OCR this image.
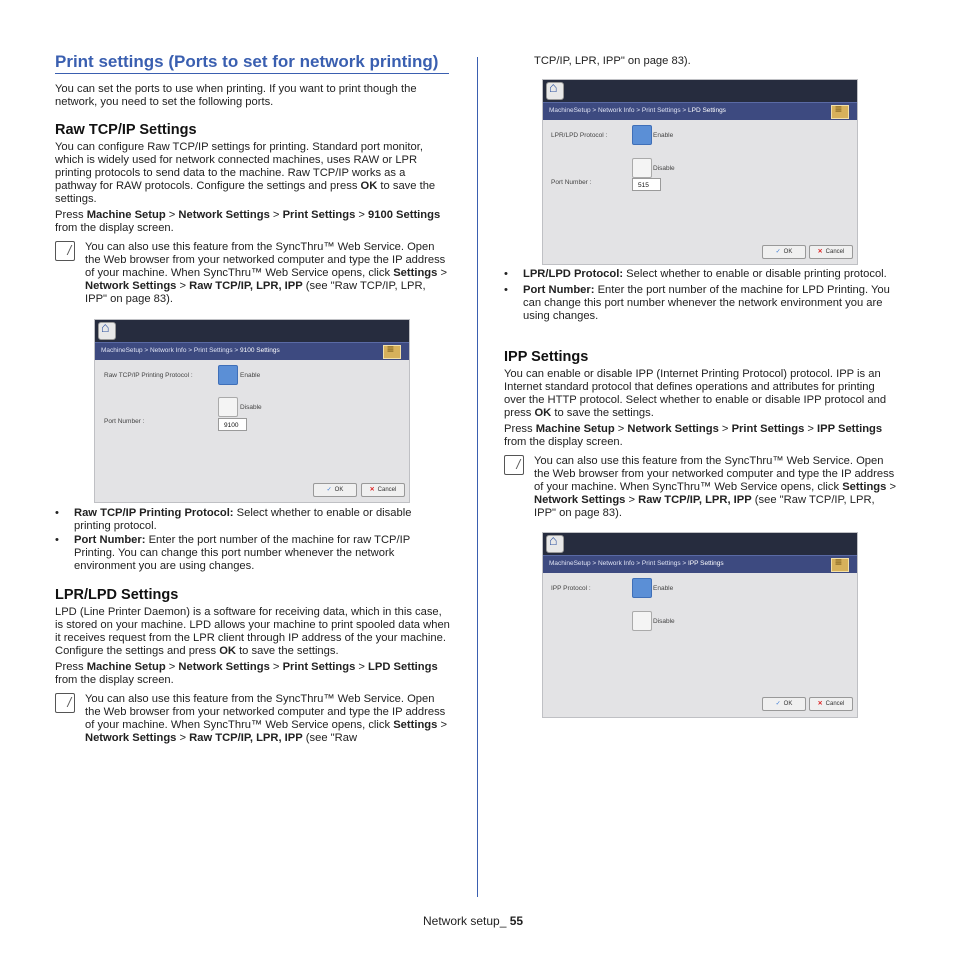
Print settings (Ports to set for network printing)

You can set the ports to use when printing. If you want to print though the network, you need to set the following ports.

Raw TCP/IP Settings

You can configure Raw TCP/IP settings for printing. Standard port monitor, which is widely used for network connected machines, uses RAW or LPR printing protocols to send data to the machine. Raw TCP/IP works as a pathway for RAW protocols. Configure the settings and press OK to save the settings.

Press Machine Setup > Network Settings > Print Settings > 9100 Settings from the display screen.

You can also use this feature from the SyncThru™ Web Service. Open the Web browser from your networked computer and type the IP address of your machine. When SyncThru™ Web Service opens, click Settings > Network Settings > Raw TCP/IP, LPR, IPP (see "Raw TCP/IP, LPR, IPP" on page 83).
⌂
MachineSetup > Network Info > Print Settings > 9100 Settings
≡
Raw TCP/IP Printing Protocol :	Enable
Disable
Port Number :
9100
✓ OK	✕ Cancel
• Raw TCP/IP Printing Protocol: Select whether to enable or disable printing protocol.
• Port Number: Enter the port number of the machine for raw TCP/IP Printing. You can change this port number whenever the network environment you are using changes.
LPR/LPD Settings

LPD (Line Printer Daemon) is a software for receiving data, which in this case, is stored on your machine. LPD allows your machine to print spooled data when it receives request from the LPR client through IP address of the your machine. Configure the settings and press OK to save the settings.

Press Machine Setup > Network Settings > Print Settings > LPD Settings from the display screen.

You can also use this feature from the SyncThru™ Web Service. Open the Web browser from your networked computer and type the IP address of your machine. When SyncThru™ Web Service opens, click Settings > Network Settings > Raw TCP/IP, LPR, IPP (see "Raw

TCP/IP, LPR, IPP" on page 83).

⌂
MachineSetup > Network Info > Print Settings > LPD Settings
≡
LPR/LPD Protocol :	Enable
Disable
Port Number :	515
✓ OK	✕ Cancel
• LPR/LPD Protocol: Select whether to enable or disable printing protocol.
• Port Number: Enter the port number of the machine for LPD Printing. You can change this port number whenever the network environment you are using changes.
IPP Settings

You can enable or disable IPP (Internet Printing Protocol) protocol. IPP is an Internet standard protocol that defines operations and attributes for printing over the HTTP protocol. Select whether to enable or disable IPP protocol and press OK to save the settings.

Press Machine Setup > Network Settings > Print Settings > IPP Settings from the display screen.

You can also use this feature from the SyncThru™ Web Service. Open the Web browser from your networked computer and type the IP address of your machine. When SyncThru™ Web Service opens, click Settings > Network Settings > Raw TCP/IP, LPR, IPP (see "Raw TCP/IP, LPR, IPP" on page 83).
⌂
MachineSetup > Network Info > Print Settings > IPP Settings
≡
IPP Protocol :	Enable
Disable
✓ OK	✕ Cancel
Network setup_ 55
